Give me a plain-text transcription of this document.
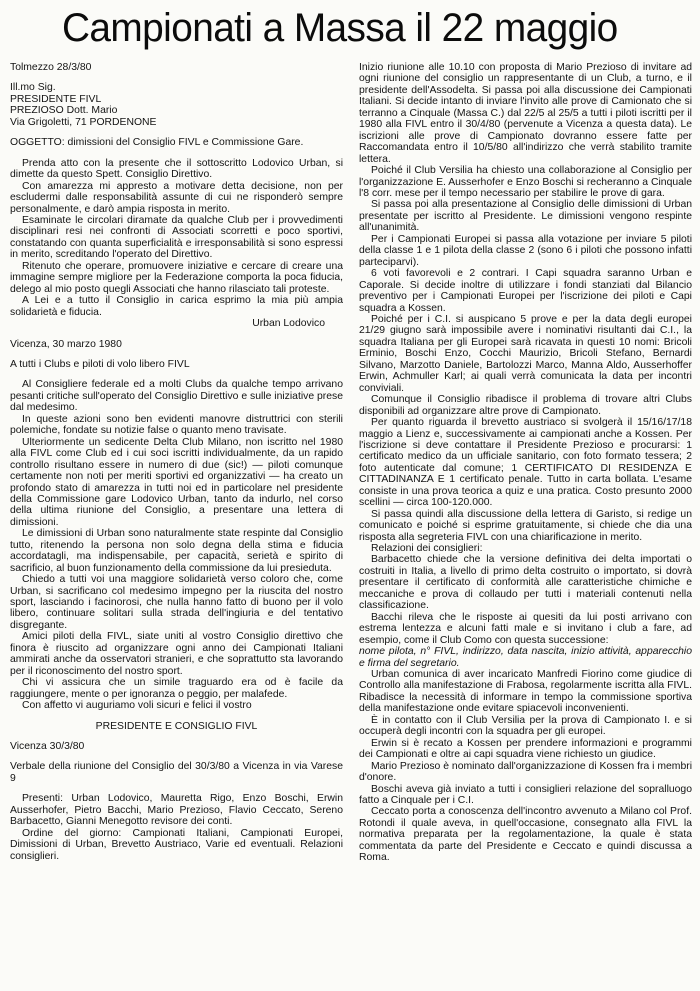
Campionati a Massa il 22 maggio

Tolmezzo 28/3/80

Ill.mo Sig.

PRESIDENTE FIVL

PREZIOSO Dott. Mario

Via Grigoletti, 71 PORDENONE

OGGETTO: dimissioni del Consiglio FIVL e Commissione Gare.

Prenda atto con la presente che il sottoscritto Lodovico Urban, si dimette da questo Spett. Consiglio Direttivo.

Con amarezza mi appresto a motivare detta decisione, non per escludermi dalle responsabilità assunte di cui ne risponderò sempre personalmente, e darò ampia risposta in merito.

Esaminate le circolari diramate da qualche Club per i provvedimenti disciplinari resi nei confronti di Associati scorretti e poco sportivi, constatando con quanta superficialità e irresponsabilità si sono espressi in merito, screditando l'operato del Direttivo.

Ritenuto che operare, promuovere iniziative e cercare di creare una immagine sempre migliore per la Federazione comporta la poca fiducia, delego al mio posto quegli Associati che hanno rilasciato tali proteste.

A Lei e a tutto il Consiglio in carica esprimo la mia più ampia solidarietà e fiducia.

Urban Lodovico

Vicenza, 30 marzo 1980

A tutti i Clubs e piloti di volo libero FIVL

Al Consigliere federale ed a molti Clubs da qualche tempo arrivano pesanti critiche sull'operato del Consiglio Direttivo e sulle iniziative prese dal medesimo.

In queste azioni sono ben evidenti manovre distruttrici con sterili polemiche, fondate su notizie false o quanto meno travisate.

Ulteriormente un sedicente Delta Club Milano, non iscritto nel 1980 alla FIVL come Club ed i cui soci iscritti individualmente, da un rapido controllo risultano essere in numero di due (sic!) — piloti comunque certamente non noti per meriti sportivi ed organizzativi — ha creato un profondo stato di amarezza in tutti noi ed in particolare nel presidente della Commissione gare Lodovico Urban, tanto da indurlo, nel corso della ultima riunione del Consiglio, a presentare una lettera di dimissioni.

Le dimissioni di Urban sono naturalmente state respinte dal Consiglio tutto, ritenendo la persona non solo degna della stima e fiducia accordatagli, ma indispensabile, per capacità, serietà e spirito di sacrificio, al buon funzionamento della commissione da lui presieduta.

Chiedo a tutti voi una maggiore solidarietà verso coloro che, come Urban, si sacrificano col medesimo impegno per la riuscita del nostro sport, lasciando i facinorosi, che nulla hanno fatto di buono per il volo libero, continuare solitari sulla strada dell'ingiuria e del tentativo disgregante.

Amici piloti della FIVL, siate uniti al vostro Consiglio direttivo che finora è riuscito ad organizzare ogni anno dei Campionati Italiani ammirati anche da osservatori stranieri, e che soprattutto sta lavorando per il riconoscimento del nostro sport.

Chi vi assicura che un simile traguardo era od è facile da raggiungere, mente o per ignoranza o peggio, per malafede.

Con affetto vi auguriamo voli sicuri e felici il vostro

PRESIDENTE E CONSIGLIO FIVL

Vicenza 30/3/80

Verbale della riunione del Consiglio del 30/3/80 a Vicenza in via Varese 9

Presenti: Urban Lodovico, Mauretta Rigo, Enzo Boschi, Erwin Ausserhofer, Pietro Bacchi, Mario Prezioso, Flavio Ceccato, Sereno Barbacetto, Gianni Menegotto revisore dei conti.

Ordine del giorno: Campionati Italiani, Campionati Europei, Dimissioni di Urban, Brevetto Austriaco, Varie ed eventuali. Relazioni consiglieri.

Inizio riunione alle 10.10 con proposta di Mario Prezioso di invitare ad ogni riunione del consiglio un rappresentante di un Club, a turno, e il presidente dell'Assodelta. Si passa poi alla discussione dei Campionati Italiani. Si decide intanto di inviare l'invito alle prove di Camionato che si terranno a Cinquale (Massa C.) dal 22/5 al 25/5 a tutti i piloti iscritti per il 1980 alla FIVL entro il 30/4/80 (pervenute a Vicenza a questa data). Le iscrizioni alle prove di Campionato dovranno essere fatte per Raccomandata entro il 10/5/80 all'indirizzo che verrà stabilito tramite lettera.

Poiché il Club Versilia ha chiesto una collaborazione al Consiglio per l'organizzazione E. Ausserhofer e Enzo Boschi si recheranno a Cinquale l'8 corr. mese per il tempo necessario per stabilire le prove di gara.

Si passa poi alla presentazione al Consiglio delle dimissioni di Urban presentate per iscritto al Presidente. Le dimissioni vengono respinte all'unanimità.

Per i Campionati Europei si passa alla votazione per inviare 5 piloti della classe 1 e 1 pilota della classe 2 (sono 6 i piloti che possono infatti parteciparvi).

6 voti favorevoli e 2 contrari. I Capi squadra saranno Urban e Caporale. Si decide inoltre di utilizzare i fondi stanziati dal Bilancio preventivo per i Campionati Europei per l'iscrizione dei piloti e Capi squadra a Kossen.

Poiché per i C.I. si auspicano 5 prove e per la data degli europei 21/29 giugno sarà impossibile avere i nominativi risultanti dai C.I., la squadra Italiana per gli Europei sarà ricavata in questi 10 nomi: Bricoli Erminio, Boschi Enzo, Cocchi Maurizio, Bricoli Stefano, Bernardi Silvano, Marzotto Daniele, Bartolozzi Marco, Manna Aldo, Ausserhoffer Erwin, Achmuller Karl; ai quali verrà comunicata la data per incontri conviviali.

Comunque il Consiglio ribadisce il problema di trovare altri Clubs disponibili ad organizzare altre prove di Campionato.

Per quanto riguarda il brevetto austriaco si svolgerà il 15/16/17/18 maggio a Lienz e, successivamente ai campionati anche a Kossen. Per l'iscrizione si deve contattare il Presidente Prezioso e procurarsi: 1 certificato medico da un ufficiale sanitario, con foto formato tessera; 2 foto autenticate dal comune; 1 CERTIFICATO DI RESIDENZA E CITTADINANZA E 1 certificato penale. Tutto in carta bollata. L'esame consiste in una prova teorica a quiz e una pratica. Costo presunto 2000 scellini — circa 100-120.000.

Si passa quindi alla discussione della lettera di Garisto, si redige un comunicato e poiché si esprime gratuitamente, si chiede che dia una risposta alla segreteria FIVL con una chiarificazione in merito.

Relazioni dei consiglieri:

Barbacetto chiede che la versione definitiva dei delta importati o costruiti in Italia, a livello di primo delta costruito o importato, si dovrà presentare il certificato di conformità alle caratteristiche chimiche e meccaniche e prova di collaudo per tutti i materiali contenuti nella classificazione.

Bacchi rileva che le risposte ai quesiti da lui posti arrivano con estrema lentezza e alcuni fatti male e si invitano i club a fare, ad esempio, come il Club Como con questa successione:

nome pilota, n° FIVL, indirizzo, data nascita, inizio attività, apparecchio e firma del segretario.

Urban comunica di aver incaricato Manfredi Fiorino come giudice di Controllo alla manifestazione di Frabosa, regolarmente iscritta alla FIVL. Ribadisce la necessità di informare in tempo la commissione sportiva della manifestazione onde evitare spiacevoli inconvenienti.

È in contatto con il Club Versilia per la prova di Campionato I. e si occuperà degli incontri con la squadra per gli europei.

Erwin si è recato a Kossen per prendere informazioni e programmi dei Campionati e oltre ai capi squadra viene richiesto un giudice.

Mario Prezioso è nominato dall'organizzazione di Kossen fra i membri d'onore.

Boschi aveva già inviato a tutti i consiglieri relazione del sopralluogo fatto a Cinquale per i C.I.

Ceccato porta a conoscenza dell'incontro avvenuto a Milano col Prof. Rotondi il quale aveva, in quell'occasione, consegnato alla FIVL la normativa preparata per la regolamentazione, la quale è stata commentata da parte del Presidente e Ceccato e quindi discussa a Roma.
